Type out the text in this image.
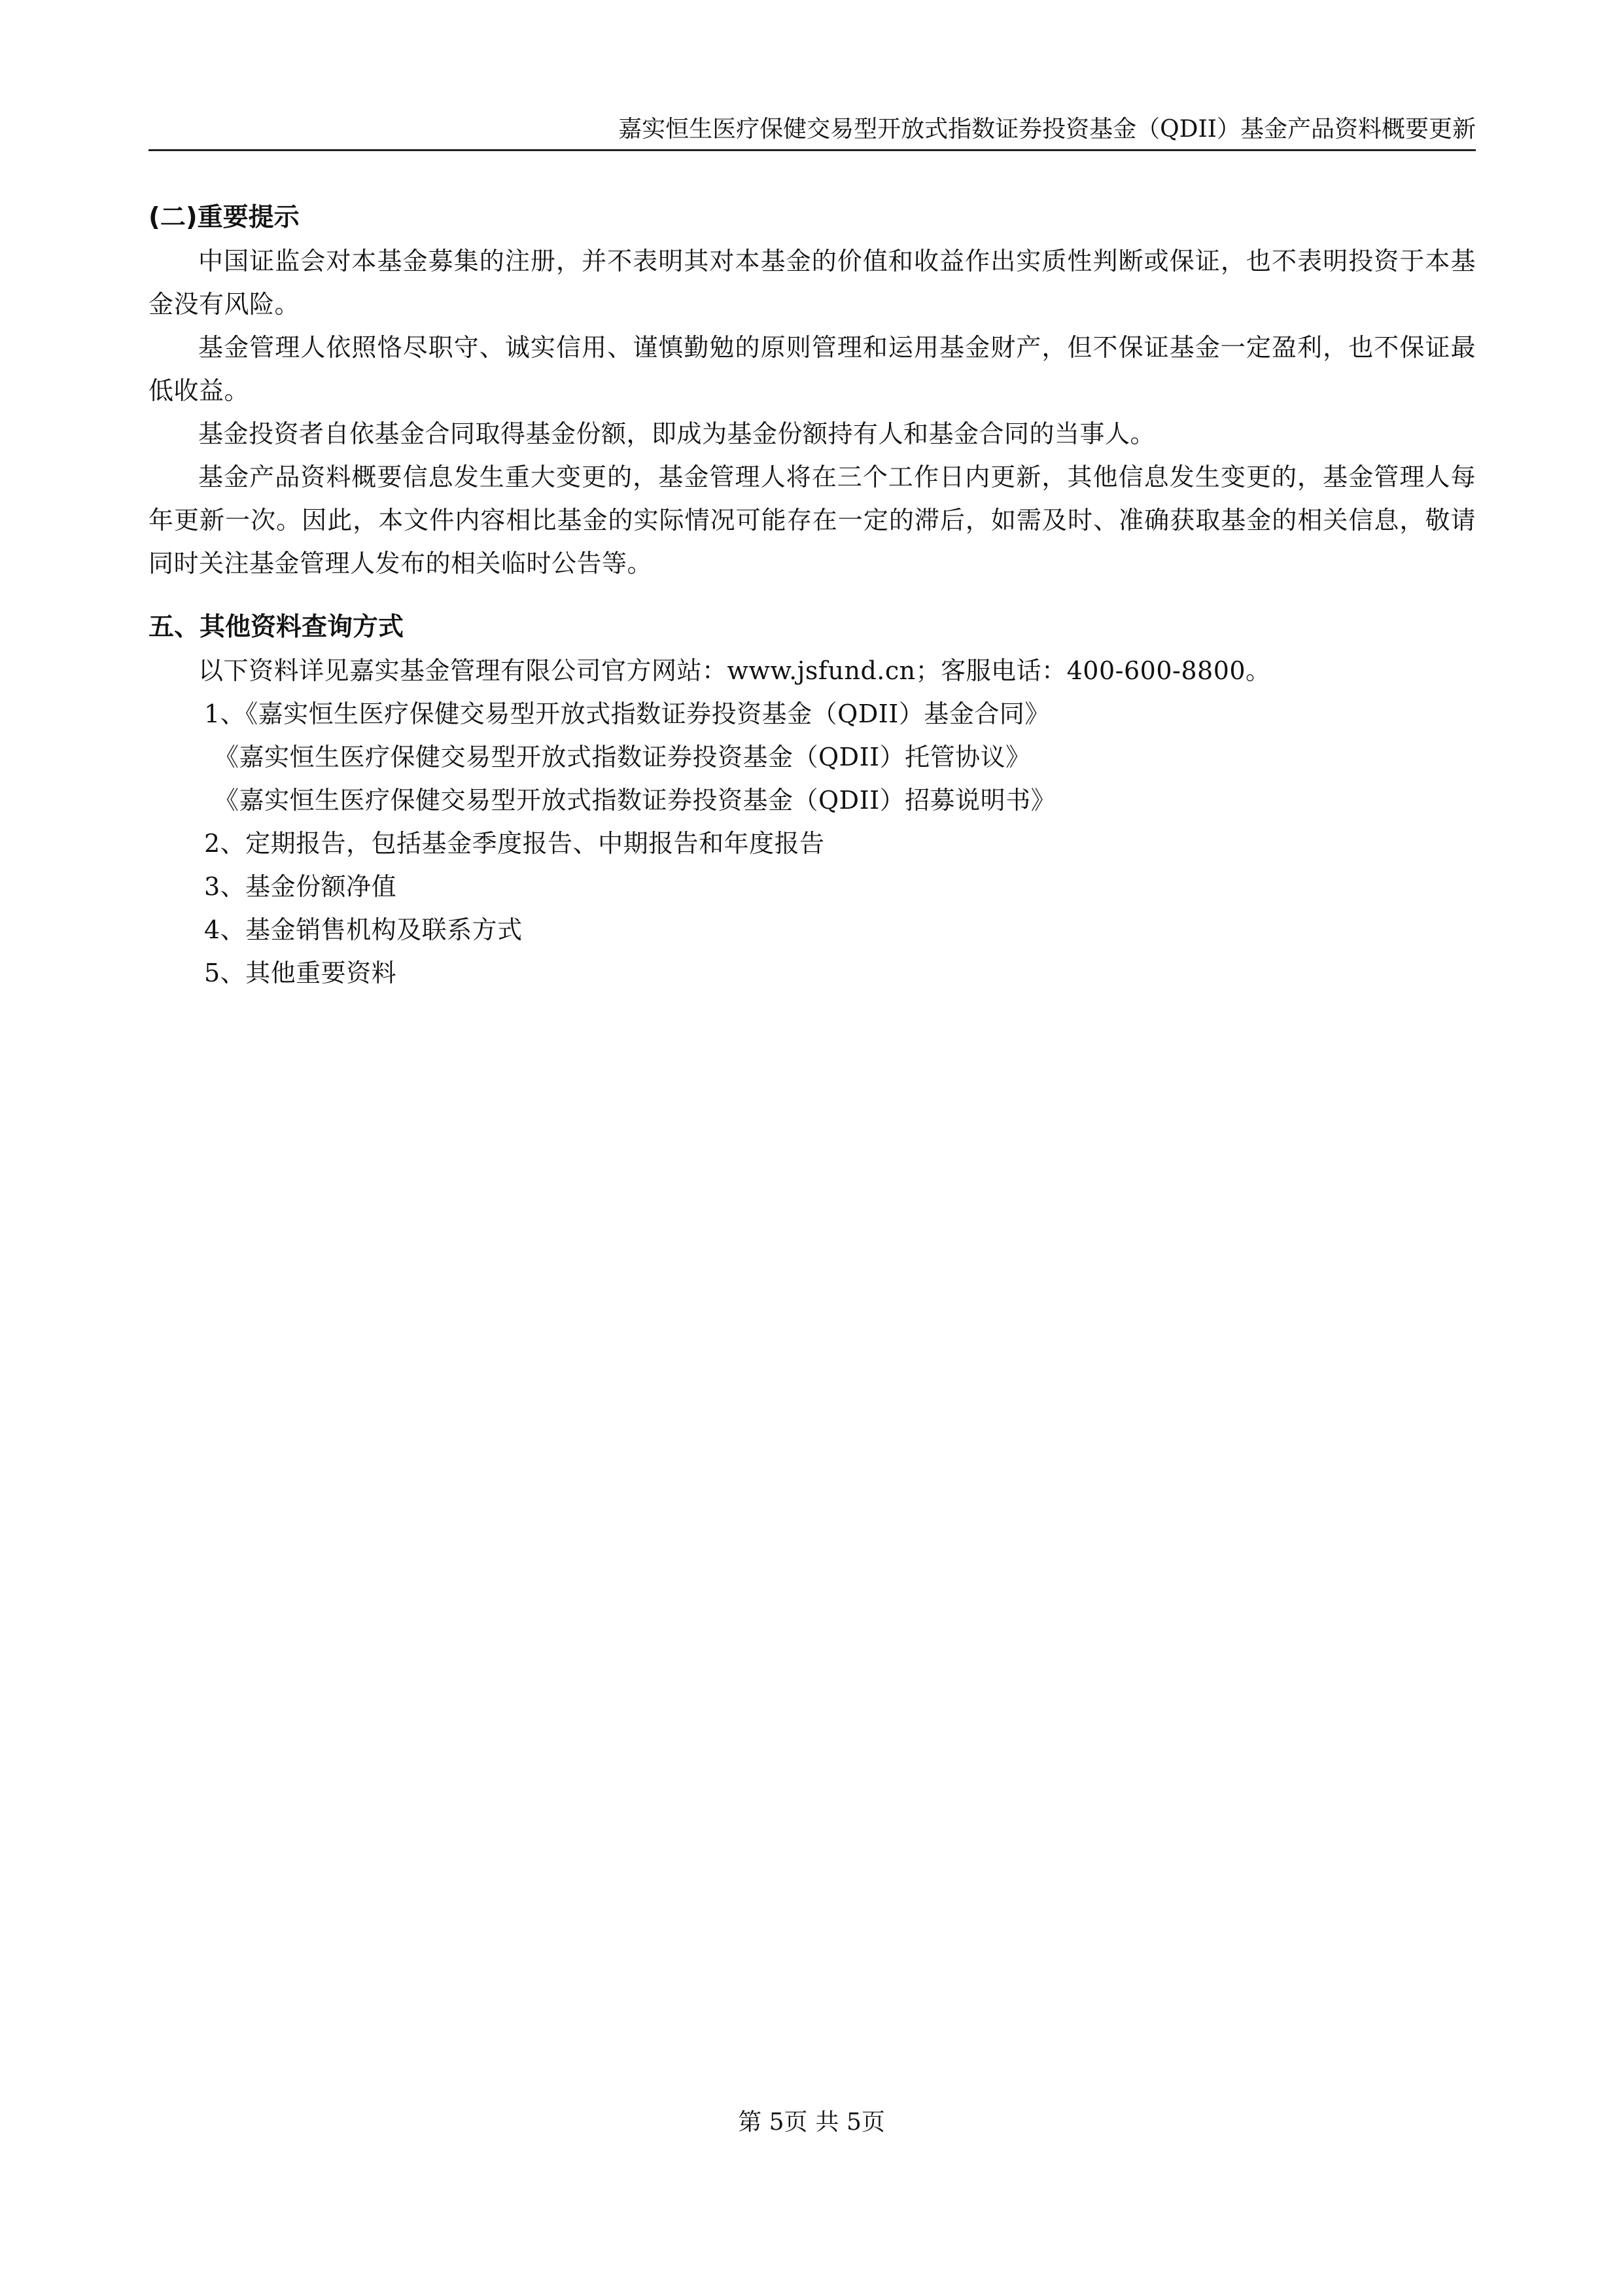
嘉实恒生医疗保健交易型开放式指数证券投资基金（QDII）基金产品资料概要更新
(二)重要提示

中国证监会对本基金募集的注册，并不表明其对本基金的价值和收益作出实质性判断或保证，也不表明投资于本基金没有风险。

基金管理人依照恪尽职守、诚实信用、谨慎勤勉的原则管理和运用基金财产，但不保证基金一定盈利，也不保证最低收益。

基金投资者自依基金合同取得基金份额，即成为基金份额持有人和基金合同的当事人。

基金产品资料概要信息发生重大变更的，基金管理人将在三个工作日内更新，其他信息发生变更的，基金管理人每年更新一次。因此，本文件内容相比基金的实际情况可能存在一定的滞后，如需及时、准确获取基金的相关信息，敬请同时关注基金管理人发布的相关临时公告等。

五、其他资料查询方式

以下资料详见嘉实基金管理有限公司官方网站：www.jsfund.cn；客服电话：400-600-8800。

1、《嘉实恒生医疗保健交易型开放式指数证券投资基金（QDII）基金合同》

《嘉实恒生医疗保健交易型开放式指数证券投资基金（QDII）托管协议》

《嘉实恒生医疗保健交易型开放式指数证券投资基金（QDII）招募说明书》

2、定期报告，包括基金季度报告、中期报告和年度报告

3、基金份额净值

4、基金销售机构及联系方式

5、其他重要资料

第 5页 共 5页
